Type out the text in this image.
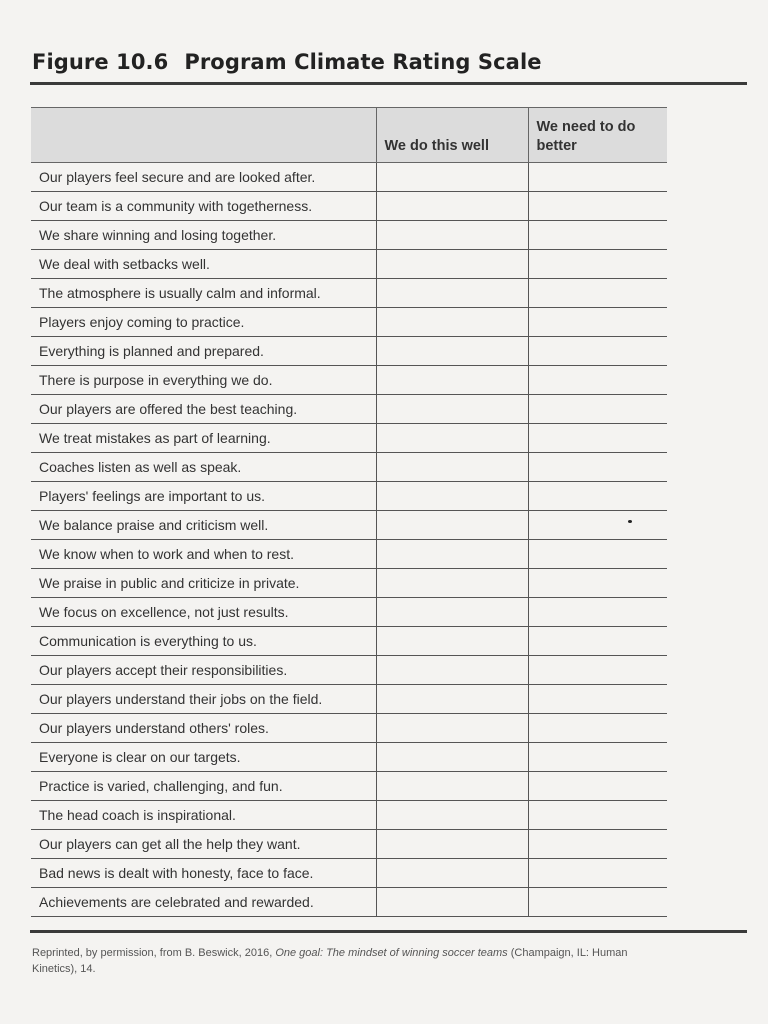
Figure 10.6 Program Climate Rating Scale
	We do this well	We need to do better
Our players feel secure and are looked after.		
Our team is a community with togetherness.		
We share winning and losing together.		
We deal with setbacks well.		
The atmosphere is usually calm and informal.		
Players enjoy coming to practice.		
Everything is planned and prepared.		
There is purpose in everything we do.		
Our players are offered the best teaching.		
We treat mistakes as part of learning.		
Coaches listen as well as speak.		
Players' feelings are important to us.		
We balance praise and criticism well.		
We know when to work and when to rest.		
We praise in public and criticize in private.		
We focus on excellence, not just results.		
Communication is everything to us.		
Our players accept their responsibilities.		
Our players understand their jobs on the field.		
Our players understand others' roles.		
Everyone is clear on our targets.		
Practice is varied, challenging, and fun.		
The head coach is inspirational.		
Our players can get all the help they want.		
Bad news is dealt with honesty, face to face.		
Achievements are celebrated and rewarded.		
Reprinted, by permission, from B. Beswick, 2016, One goal: The mindset of winning soccer teams (Champaign, IL: Human Kinetics), 14.
